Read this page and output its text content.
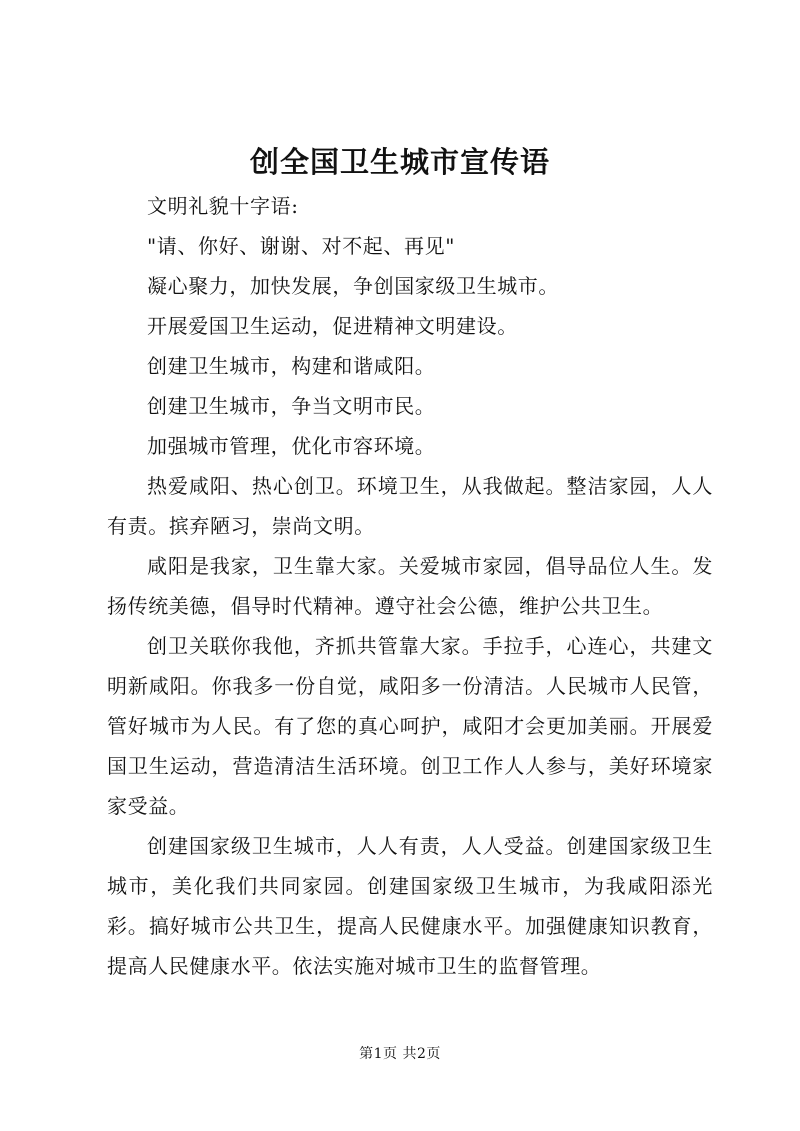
创全国卫生城市宣传语

文明礼貌十字语:

"请、你好、谢谢、对不起、再见"

凝心聚力，加快发展，争创国家级卫生城市。

开展爱国卫生运动，促进精神文明建设。

创建卫生城市，构建和谐咸阳。

创建卫生城市，争当文明市民。

加强城市管理，优化市容环境。

热爱咸阳、热心创卫。环境卫生，从我做起。整洁家园，人人有责。摈弃陋习，崇尚文明。

咸阳是我家，卫生靠大家。关爱城市家园，倡导品位人生。发扬传统美德，倡导时代精神。遵守社会公德，维护公共卫生。

创卫关联你我他，齐抓共管靠大家。手拉手，心连心，共建文明新咸阳。你我多一份自觉，咸阳多一份清洁。人民城市人民管，管好城市为人民。有了您的真心呵护，咸阳才会更加美丽。开展爱国卫生运动，营造清洁生活环境。创卫工作人人参与，美好环境家家受益。

创建国家级卫生城市，人人有责，人人受益。创建国家级卫生城市，美化我们共同家园。创建国家级卫生城市，为我咸阳添光彩。搞好城市公共卫生，提高人民健康水平。加强健康知识教育，提高人民健康水平。依法实施对城市卫生的监督管理。

第1页 共2页
